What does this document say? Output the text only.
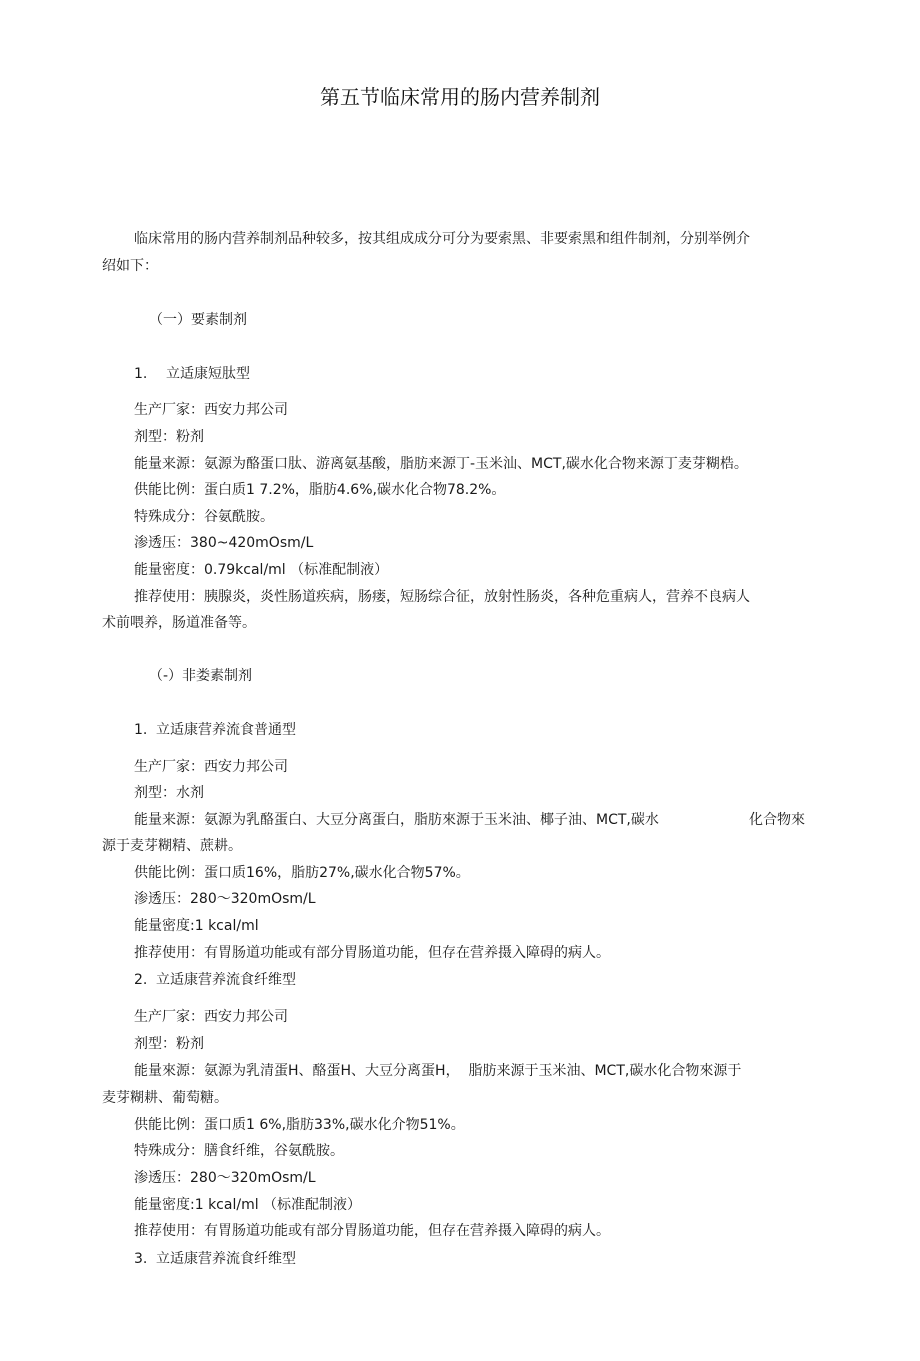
第五节临床常用的肠内营养制剂
临床常用的肠内营养制剂品种较多，按其组成成分可分为要索黑、非要索黑和组件制剂，分别举例介
绍如下：
（一）要素制剂
1. 立适康短肽型
生产厂家：西安力邦公司
剂型：粉剂
能量来源：氨源为酪蛋口肽、游离氨基酸，脂肪来源丁-玉米汕、MCT,碳水化合物来源丁麦芽糊梏。
供能比例：蛋白质1 7.2%，脂肪4.6%,碳水化合物78.2%。
特殊成分：谷氨酰胺。
渗透压：380~420mOsm/L
能量密度：0.79kcal/ml （标准配制液）
推荐使用：胰腺炎，炎性肠道疾病，肠瘘，短肠综合征，放射性肠炎，各种危重病人，营养不良病人
术前喂养，肠道准备等。
（-）非娄素制剂
1. 立适康营养流食普通型
生产厂家：西安力邦公司
剂型：水剂
能量来源：氨源为乳酪蛋白、大豆分离蛋白，脂肪來源于玉米油、椰子油、MCT,碳水	化合物來
源于麦芽糊精、蔗耕。
供能比例：蛋口质16%，脂肪27%,碳水化合物57%。
渗透压：280～320mOsm/L
能量密度:1 kcal/ml
推荐使用：有胃肠道功能或有部分胃肠道功能，但存在营养摄入障碍的病人。
2. 立适康营养流食纤维型
生产厂家：西安力邦公司
剂型：粉剂
能量來源：氨源为乳清蛋H、酪蛋H、大豆分离蛋H，  脂肪来源于玉米油、MCT,碳水化合物來源于
麦芽糊耕、葡萄糖。
供能比例：蛋口质1 6%,脂肪33%,碳水化介物51%。
特殊成分：膳食纤维，谷氨酰胺。
渗透压：280～320mOsm/L
能量密度:1 kcal/ml （标准配制液）
推荐使用：有胃肠道功能或有部分胃肠道功能，但存在营养摄入障碍的病人。
3. 立适康营养流食纤维型
